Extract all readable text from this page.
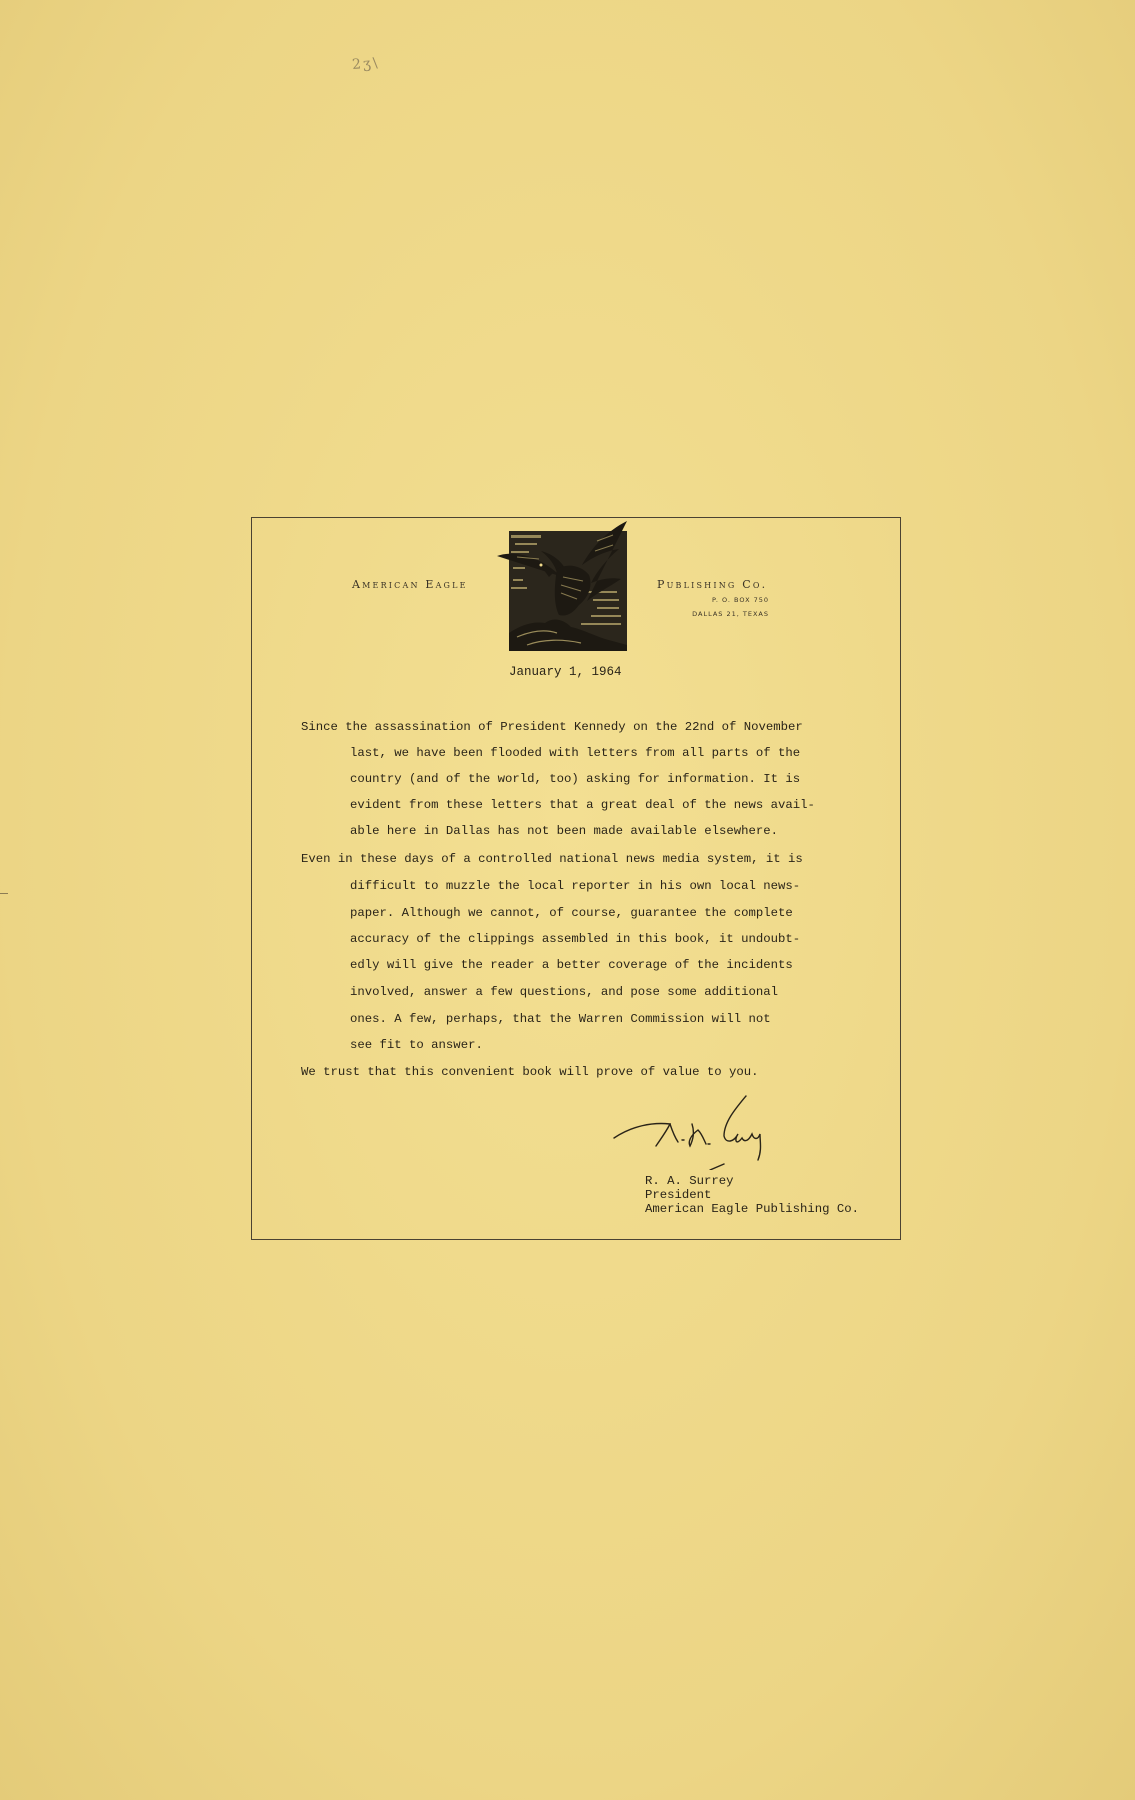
2ʒ\
American Eagle	Publishing Co.
P. O. BOX 750
DALLAS 21, TEXAS
January 1, 1964
Since the assassination of President Kennedy on the 22nd of November
last, we have been flooded with letters from all parts of the
country (and of the world, too) asking for information. It is
evident from these letters that a great deal of the news avail-
able here in Dallas has not been made available elsewhere.
Even in these days of a controlled national news media system, it is
difficult to muzzle the local reporter in his own local news-
paper. Although we cannot, of course, guarantee the complete
accuracy of the clippings assembled in this book, it undoubt-
edly will give the reader a better coverage of the incidents
involved, answer a few questions, and pose some additional
ones. A few, perhaps, that the Warren Commission will not
see fit to answer.
We trust that this convenient book will prove of value to you.
R. A. Surrey
President
American Eagle Publishing Co.
